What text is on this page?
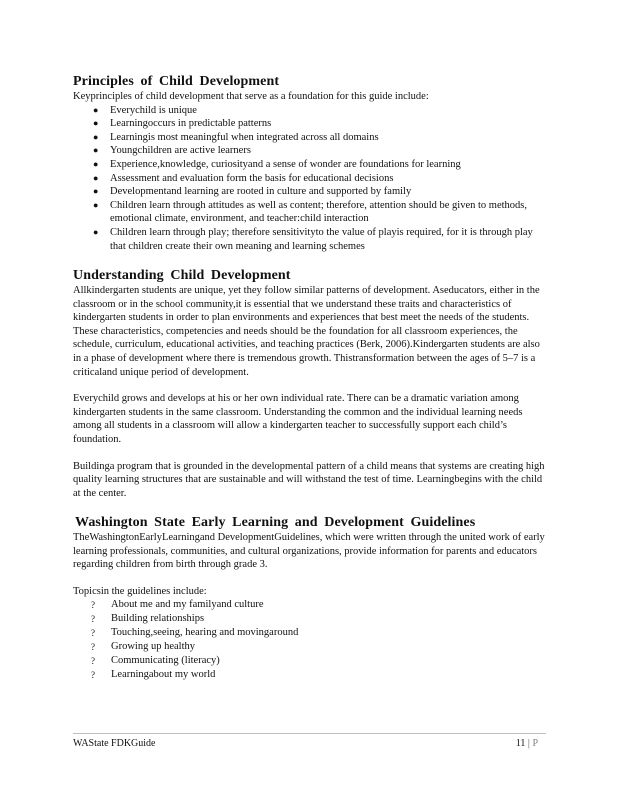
Principles of Child Development

Keyprinciples of child development that serve as a foundation for this guide include:

● Everychild is unique
● Learningoccurs in predictable patterns
● Learningis most meaningful when integrated across all domains
● Youngchildren are active learners
● Experience,knowledge, curiosityand a sense of wonder are foundations for learning
● Assessment and evaluation form the basis for educational decisions
● Developmentand learning are rooted in culture and supported by family
● Children learn through attitudes as well as content; therefore, attention should be given to methods, emotional climate, environment, and teacher:child interaction
● Children learn through play; therefore sensitivityto the value of playis required, for it is through play that children create their own meaning and learning schemes
Understanding Child Development

Allkindergarten students are unique, yet they follow similar patterns of development. Aseducators, either in the classroom or in the school community,it is essential that we understand these traits and characteristics of kindergarten students in order to plan environments and experiences that best meet the needs of the students. These characteristics, competencies and needs should be the foundation for all classroom experiences, the schedule, curriculum, educational activities, and teaching practices (Berk, 2006).Kindergarten students are also in a phase of development where there is tremendous growth. Thistransformation between the ages of 5–7 is a criticaland unique period of development.

Everychild grows and develops at his or her own individual rate. There can be a dramatic variation among kindergarten students in the same classroom. Understanding the common and the individual learning needs among all students in a classroom will allow a kindergarten teacher to successfully support each child’s foundation.

Buildinga program that is grounded in the developmental pattern of a child means that systems are creating high quality learning structures that are sustainable and will withstand the test of time. Learningbegins with the child at the center.

Washington State Early Learning and Development Guidelines

TheWashingtonEarlyLearningand DevelopmentGuidelines, which were written through the united work of early learning professionals, communities, and cultural organizations, provide information for parents and educators regarding children from birth through grade 3.

Topicsin the guidelines include:

? About me and my familyand culture
? Building relationships
? Touching,seeing, hearing and movingaround
? Growing up healthy
? Communicating (literacy)
? Learningabout my world
WAState FDKGuide	11 | P
